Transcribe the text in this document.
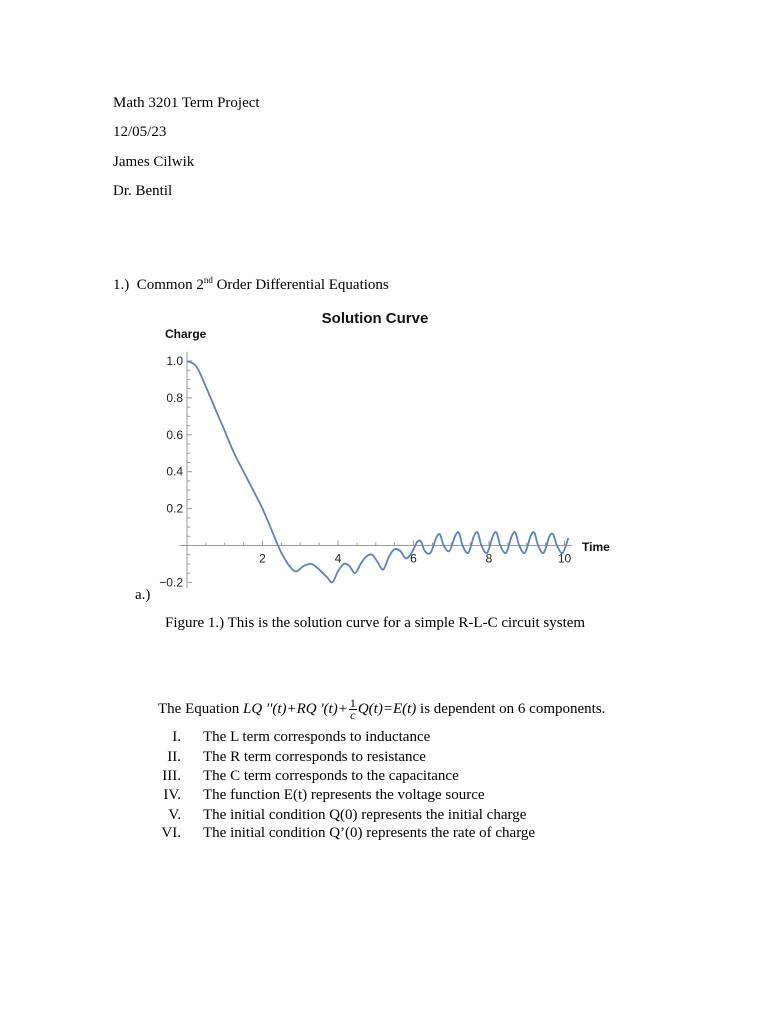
Math 3201 Term Project
12/05/23
James Cilwik
Dr. Bentil
1.) Common 2nd Order Differential Equations
Solution Curve
Charge
Time
2	4	6	8	10
−0.2
0.2
0.4
0.6
0.8
1.0
a.)
Figure 1.) This is the solution curve for a simple R-L-C circuit system
The Equation LQ ''(t)+RQ '$(t)+ \frac{1}{c} Q(t)=E(t)$ is dependent on 6 components.
I. The L term corresponds to inductance
II. The R term corresponds to resistance
III. The C term corresponds to the capacitance
IV. The function E(t) represents the voltage source
V. The initial condition Q(0) represents the initial charge
VI. The initial condition Q’(0) represents the rate of charge
